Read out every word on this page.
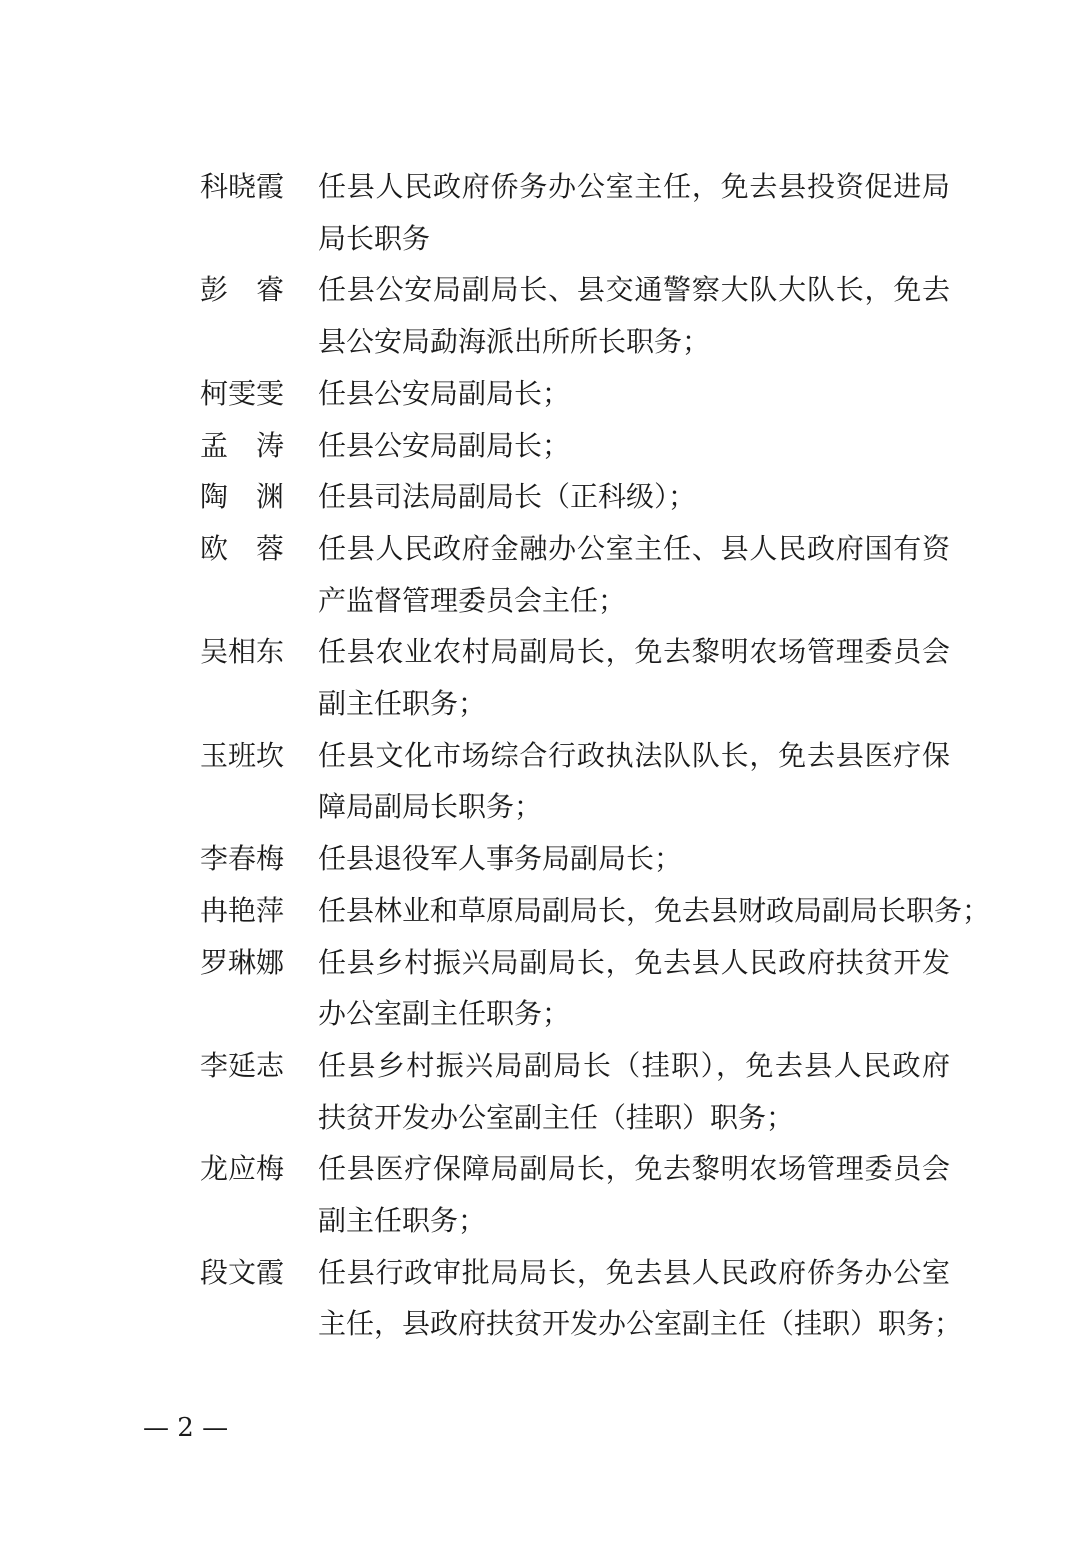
科晓霞	任县人民政府侨务办公室主任，免去县投资促进局
局长职务
彭　睿	任县公安局副局长、县交通警察大队大队长，免去
县公安局勐海派出所所长职务；
柯雯雯	任县公安局副局长；
孟　涛	任县公安局副局长；
陶　渊	任县司法局副局长（正科级）；
欧　蓉	任县人民政府金融办公室主任、县人民政府国有资
产监督管理委员会主任；
吴相东	任县农业农村局副局长，免去黎明农场管理委员会
副主任职务；
玉班坎	任县文化市场综合行政执法队队长，免去县医疗保
障局副局长职务；
李春梅	任县退役军人事务局副局长；
冉艳萍	任县林业和草原局副局长，免去县财政局副局长职务；
罗琳娜	任县乡村振兴局副局长，免去县人民政府扶贫开发
办公室副主任职务；
李延志	任县乡村振兴局副局长（挂职），免去县人民政府
扶贫开发办公室副主任（挂职）职务；
龙应梅	任县医疗保障局副局长，免去黎明农场管理委员会
副主任职务；
段文霞	任县行政审批局局长，免去县人民政府侨务办公室
主任，县政府扶贫开发办公室副主任（挂职）职务；
— 2 —
